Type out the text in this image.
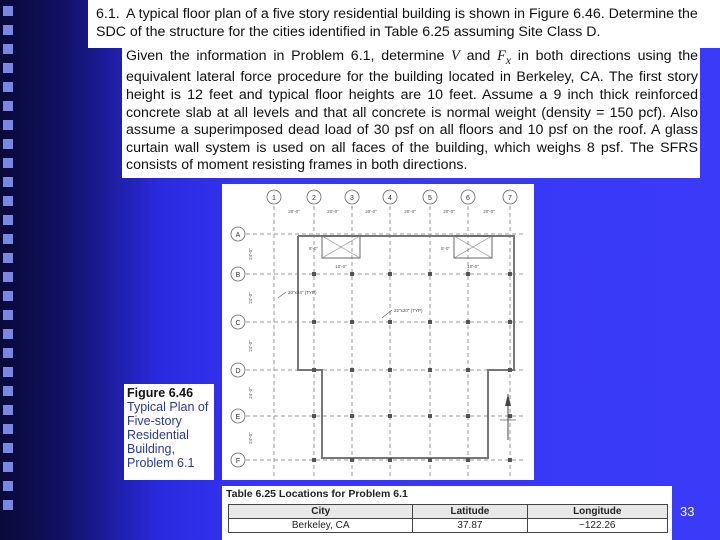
6.1. A typical floor plan of a five story residential building is shown in Figure 6.46. Determine the SDC of the structure for the cities identified in Table 6.25 assuming Site Class D.

Given the information in Problem 6.1, determine V and $F_x$ in both directions using the equivalent lateral force procedure for the building located in Berkeley, CA. The first story height is 12 feet and typical floor heights are 10 feet. Assume a 9 inch thick reinforced concrete slab at all levels and that all concrete is normal weight (density = 150 pcf). Also assume a superimposed dead load of 30 psf on all floors and 10 psf on the roof. A glass curtain wall system is used on all faces of the building, which weighs 8 psf. The SFRS consists of moment resisting frames in both directions.
1	2	3	4	5	6	7
A
B
C
D
E
F
20'-0"	20'-0"	20'-0"	20'-0"	20'-0"	20'-0"
24'-0"
24'-0"
24'-0"
24'-0"
24'-0"
10'-0"
8'-0"
10'-0"
8'-0"
20"x24" (TYP)
22"x20" (TYP)
Figure 6.46
Typical Plan of
Five-story
Residential
Building,
Problem 6.1
Table 6.25 Locations for Problem 6.1
City	Latitude	Longitude
Berkeley, CA	37.87	−122.26
33
